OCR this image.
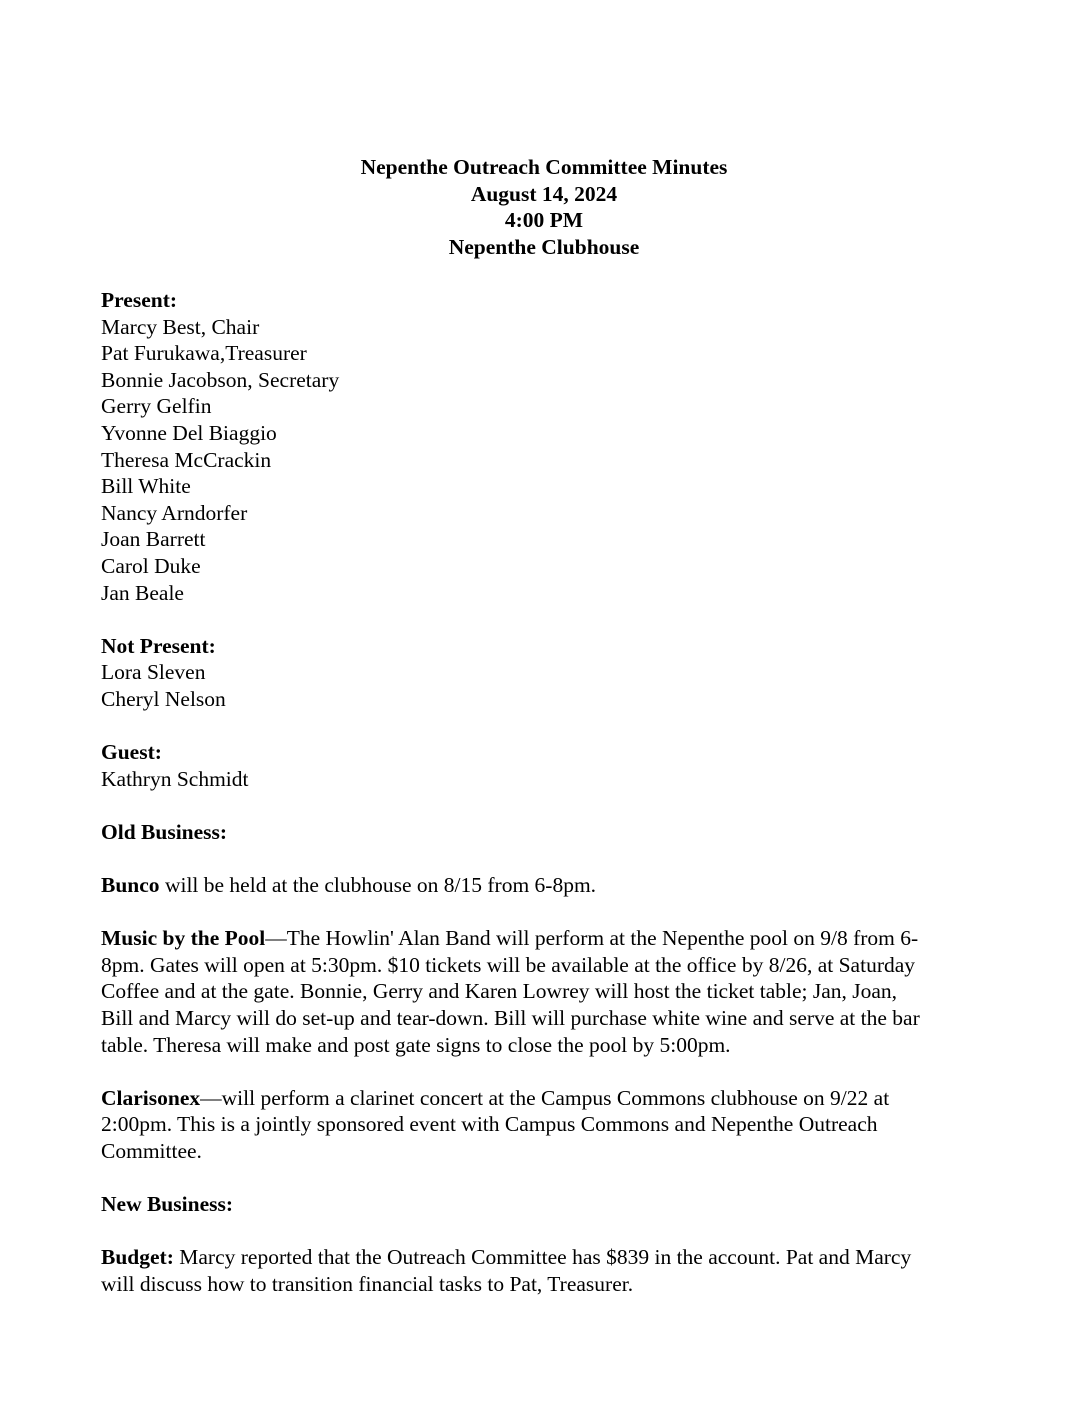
Nepenthe Outreach Committee Minutes
August 14, 2024
4:00 PM
Nepenthe Clubhouse
Present:
Marcy Best, Chair
Pat Furukawa,Treasurer
Bonnie Jacobson, Secretary
Gerry Gelfin
Yvonne Del Biaggio
Theresa McCrackin
Bill White
Nancy Arndorfer
Joan Barrett
Carol Duke
Jan Beale
Not Present:
Lora Sleven
Cheryl Nelson
Guest:
Kathryn Schmidt
Old Business:
Bunco will be held at the clubhouse on 8/15 from 6-8pm.
Music by the Pool—The Howlin' Alan Band will perform at the Nepenthe pool on 9/8 from 6-
8pm. Gates will open at 5:30pm. $10 tickets will be available at the office by 8/26, at Saturday
Coffee and at the gate. Bonnie, Gerry and Karen Lowrey will host the ticket table; Jan, Joan,
Bill and Marcy will do set-up and tear-down. Bill will purchase white wine and serve at the bar
table. Theresa will make and post gate signs to close the pool by 5:00pm.
Clarisonex—will perform a clarinet concert at the Campus Commons clubhouse on 9/22 at
2:00pm. This is a jointly sponsored event with Campus Commons and Nepenthe Outreach
Committee.
New Business:
Budget: Marcy reported that the Outreach Committee has $839 in the account. Pat and Marcy
will discuss how to transition financial tasks to Pat, Treasurer.
